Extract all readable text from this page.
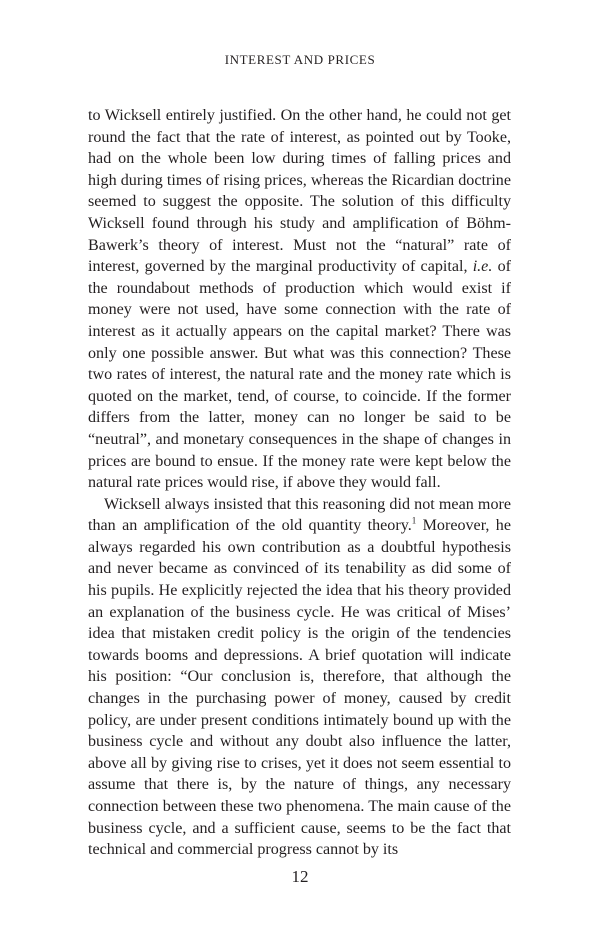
INTEREST AND PRICES

to Wicksell entirely justified. On the other hand, he could not get round the fact that the rate of interest, as pointed out by Tooke, had on the whole been low during times of falling prices and high during times of rising prices, whereas the Ricardian doctrine seemed to suggest the opposite. The solution of this difficulty Wicksell found through his study and amplification of Böhm-Bawerk’s theory of interest. Must not the “natural” rate of interest, governed by the marginal productivity of capital, i.e. of the roundabout methods of production which would exist if money were not used, have some connection with the rate of interest as it actually appears on the capital market? There was only one possible answer. But what was this connection? These two rates of interest, the natural rate and the money rate which is quoted on the market, tend, of course, to coincide. If the former differs from the latter, money can no longer be said to be “neutral”, and monetary consequences in the shape of changes in prices are bound to ensue. If the money rate were kept below the natural rate prices would rise, if above they would fall.

Wicksell always insisted that this reasoning did not mean more than an amplification of the old quantity theory.$^1$ Moreover, he always regarded his own contribution as a doubtful hypothesis and never became as convinced of its tenability as did some of his pupils. He explicitly rejected the idea that his theory provided an explanation of the business cycle. He was critical of Mises’ idea that mistaken credit policy is the origin of the tendencies towards booms and depressions. A brief quotation will indicate his position: “Our conclusion is, therefore, that although the changes in the purchasing power of money, caused by credit policy, are under present conditions intimately bound up with the business cycle and without any doubt also influence the latter, above all by giving rise to crises, yet it does not seem essential to assume that there is, by the nature of things, any necessary connection between these two phenomena. The main cause of the business cycle, and a sufficient cause, seems to be the fact that technical and commercial progress cannot by its

12
